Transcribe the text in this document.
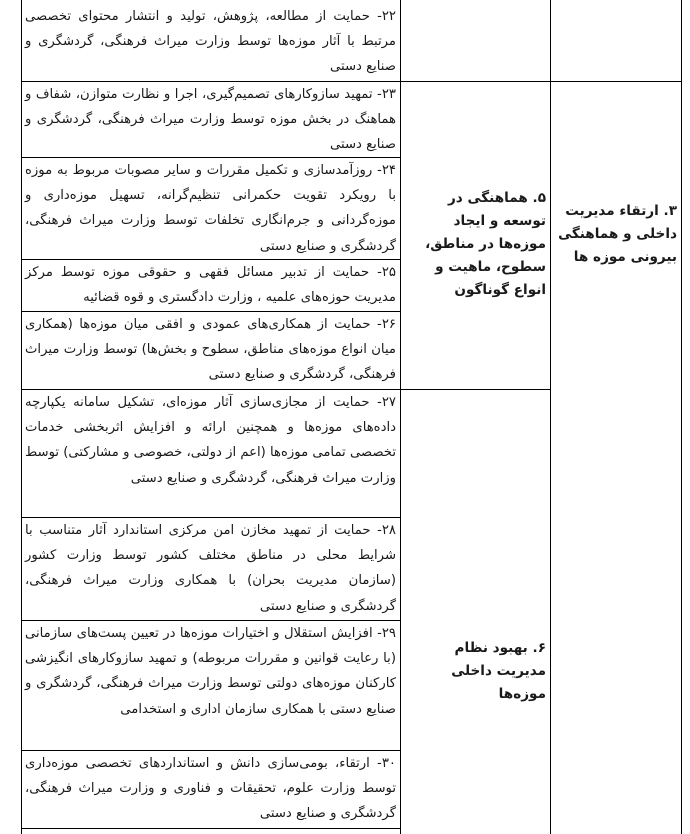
۳. ارتقاء مدیریت داخلی و هماهنگی بیرونی موزه ها
۵. هماهنگی در توسعه و ایجاد موزه‌ها در مناطق، سطوح، ماهیت و انواع گوناگون
۶. بهبود نظام مدیریت داخلی موزه‌ها
۲۲- حمایت از مطالعه، پژوهش، تولید و انتشار محتوای تخصصی مرتبط با آثار موزه‌ها توسط وزارت میراث فرهنگی، گردشگری و صنایع دستی
۲۳- تمهید سازوکارهای تصمیم‌گیری، اجرا و نظارت متوازن، شفاف و هماهنگ در بخش موزه توسط وزارت میراث فرهنگی، گردشگری و صنایع دستی
۲۴- روزآمدسازی و تکمیل مقررات و سایر مصوبات مربوط به موزه با رویکرد تقویت حکمرانی تنظیم‌گرانه، تسهیل موزه‌داری و موزه‌گردانی و جرم‌انگاری تخلفات توسط وزارت میراث فرهنگی، گردشگری و صنایع دستی
۲۵- حمایت از تدبیر مسائل فقهی و حقوقی موزه توسط مرکز مدیریت حوزه‌های علمیه ، وزارت دادگستری و قوه قضائیه
۲۶- حمایت از همکاری‌های عمودی و افقی میان موزه‌ها (همکاری میان انواع موزه‌های مناطق، سطوح و بخش‌ها) توسط وزارت میراث فرهنگی، گردشگری و صنایع دستی
۲۷- حمایت از مجازی‌سازی آثار موزه‌ای، تشکیل سامانه یکپارچه داده‌های موزه‌ها و همچنین ارائه و افزایش اثربخشی خدمات تخصصی تمامی موزه‌ها (اعم از دولتی، خصوصی و مشارکتی) توسط وزارت میراث فرهنگی، گردشگری و صنایع دستی
۲۸- حمایت از تمهید مخازن امن مرکزی استاندارد آثار متناسب با شرایط محلی در مناطق مختلف کشور توسط وزارت کشور (سازمان مدیریت بحران) با همکاری وزارت میراث فرهنگی، گردشگری و صنایع دستی
۲۹- افزایش استقلال و اختیارات موزه‌ها در تعیین پست‌های سازمانی (با رعایت قوانین و مقررات مربوطه) و تمهید سازوکارهای انگیزشی کارکنان موزه‌های دولتی توسط وزارت میراث فرهنگی، گردشگری و صنایع دستی با همکاری سازمان اداری و استخدامی
۳۰- ارتقاء، بومی‌سازی دانش و استانداردهای تخصصی موزه‌داری توسط وزارت علوم، تحقیقات و فناوری و وزارت میراث فرهنگی، گردشگری و صنایع دستی
